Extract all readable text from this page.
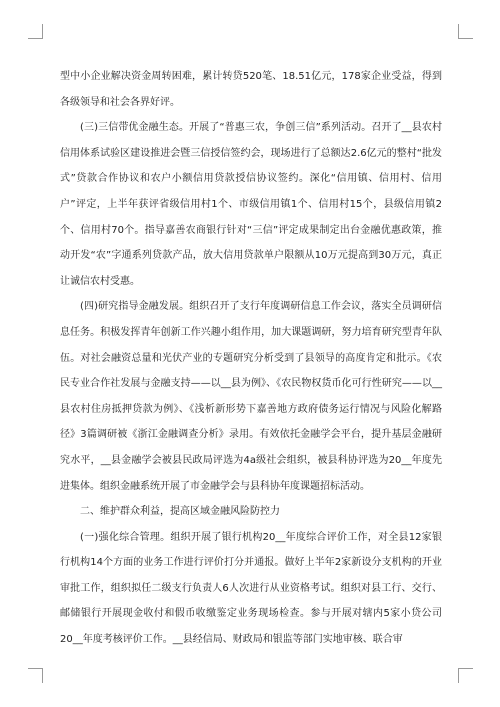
型中小企业解决资金周转困难，累计转贷520笔、18.51亿元，178家企业受益，得到各级领导和社会各界好评。

(三)三信带优金融生态。开展了“普惠三农，争创三信”系列活动。召开了__县农村信用体系试验区建设推进会暨三信授信签约会，现场进行了总额达2.6亿元的整村“批发式”贷款合作协议和农户小额信用贷款授信协议签约。深化“信用镇、信用村、信用户”评定，上半年获评省级信用村1个、市级信用镇1个、信用村15个，县级信用镇2个、信用村70个。指导嘉善农商银行针对“三信”评定成果制定出台金融优惠政策，推动开发“农”字通系列贷款产品，放大信用贷款单户限额从10万元提高到30万元，真正让诚信农村受惠。

(四)研究指导金融发展。组织召开了支行年度调研信息工作会议，落实全员调研信息任务。积极发挥青年创新工作兴趣小组作用，加大课题调研，努力培育研究型青年队伍。对社会融资总量和光伏产业的专题研究分析受到了县领导的高度肯定和批示。《农民专业合作社发展与金融支持——以__县为例》、《农民物权货币化可行性研究——以__县农村住房抵押贷款为例》、《浅析新形势下嘉善地方政府债务运行情况与风险化解路径》3篇调研被《浙江金融调查分析》录用。有效依托金融学会平台，提升基层金融研究水平，__县金融学会被县民政局评选为4a级社会组织，被县科协评选为20__年度先进集体。组织金融系统开展了市金融学会与县科协年度课题招标活动。

二、维护群众利益，提高区域金融风险防控力

(一)强化综合管理。组织开展了银行机构20__年度综合评价工作，对全县12家银行机构14个方面的业务工作进行评价打分并通报。做好上半年2家新设分支机构的开业审批工作，组织拟任二级支行负责人6人次进行从业资格考试。组织对县工行、交行、邮储银行开展现金收付和假币收缴鉴定业务现场检查。参与开展对辖内5家小贷公司20__年度考核评价工作。__县经信局、财政局和银监等部门实地审核、联合审
